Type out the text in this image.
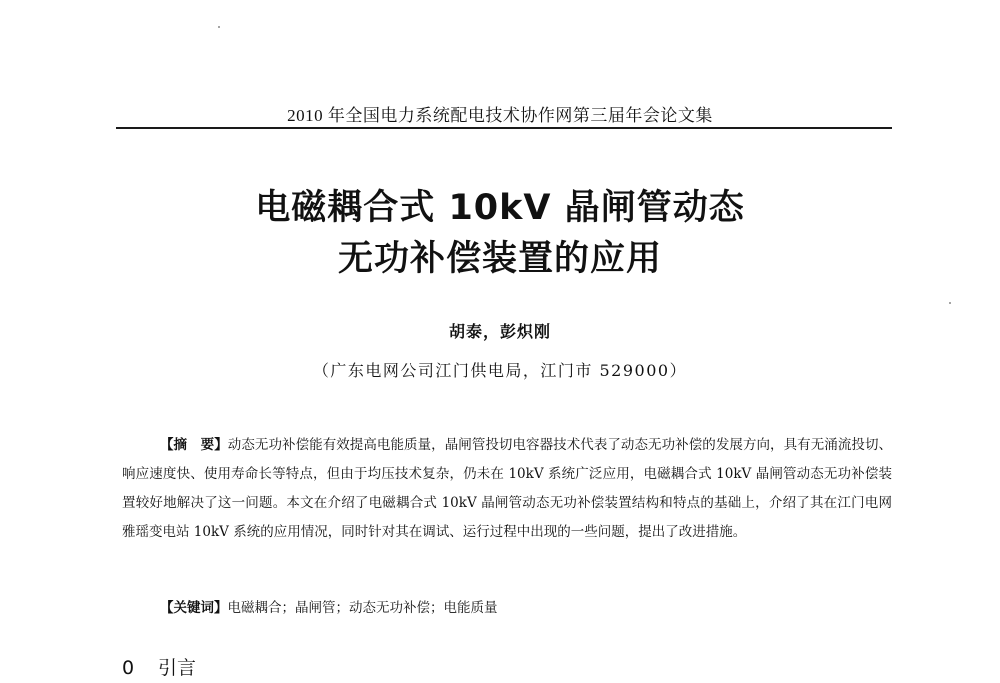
2010 年全国电力系统配电技术协作网第三届年会论文集
电磁耦合式 10kV 晶闸管动态
无功补偿装置的应用
胡泰，彭炽刚
（广东电网公司江门供电局，江门市 529000）

【摘　要】动态无功补偿能有效提高电能质量，晶闸管投切电容器技术代表了动态无功补偿的发展方向，具有无涌流投切、响应速度快、使用寿命长等特点，但由于均压技术复杂，仍未在 10kV 系统广泛应用，电磁耦合式 10kV 晶闸管动态无功补偿装置较好地解决了这一问题。本文在介绍了电磁耦合式 10kV 晶闸管动态无功补偿装置结构和特点的基础上，介绍了其在江门电网雅瑶变电站 10kV 系统的应用情况，同时针对其在调试、运行过程中出现的一些问题，提出了改进措施。

【关键词】电磁耦合；晶闸管；动态无功补偿；电能质量
0 引言
